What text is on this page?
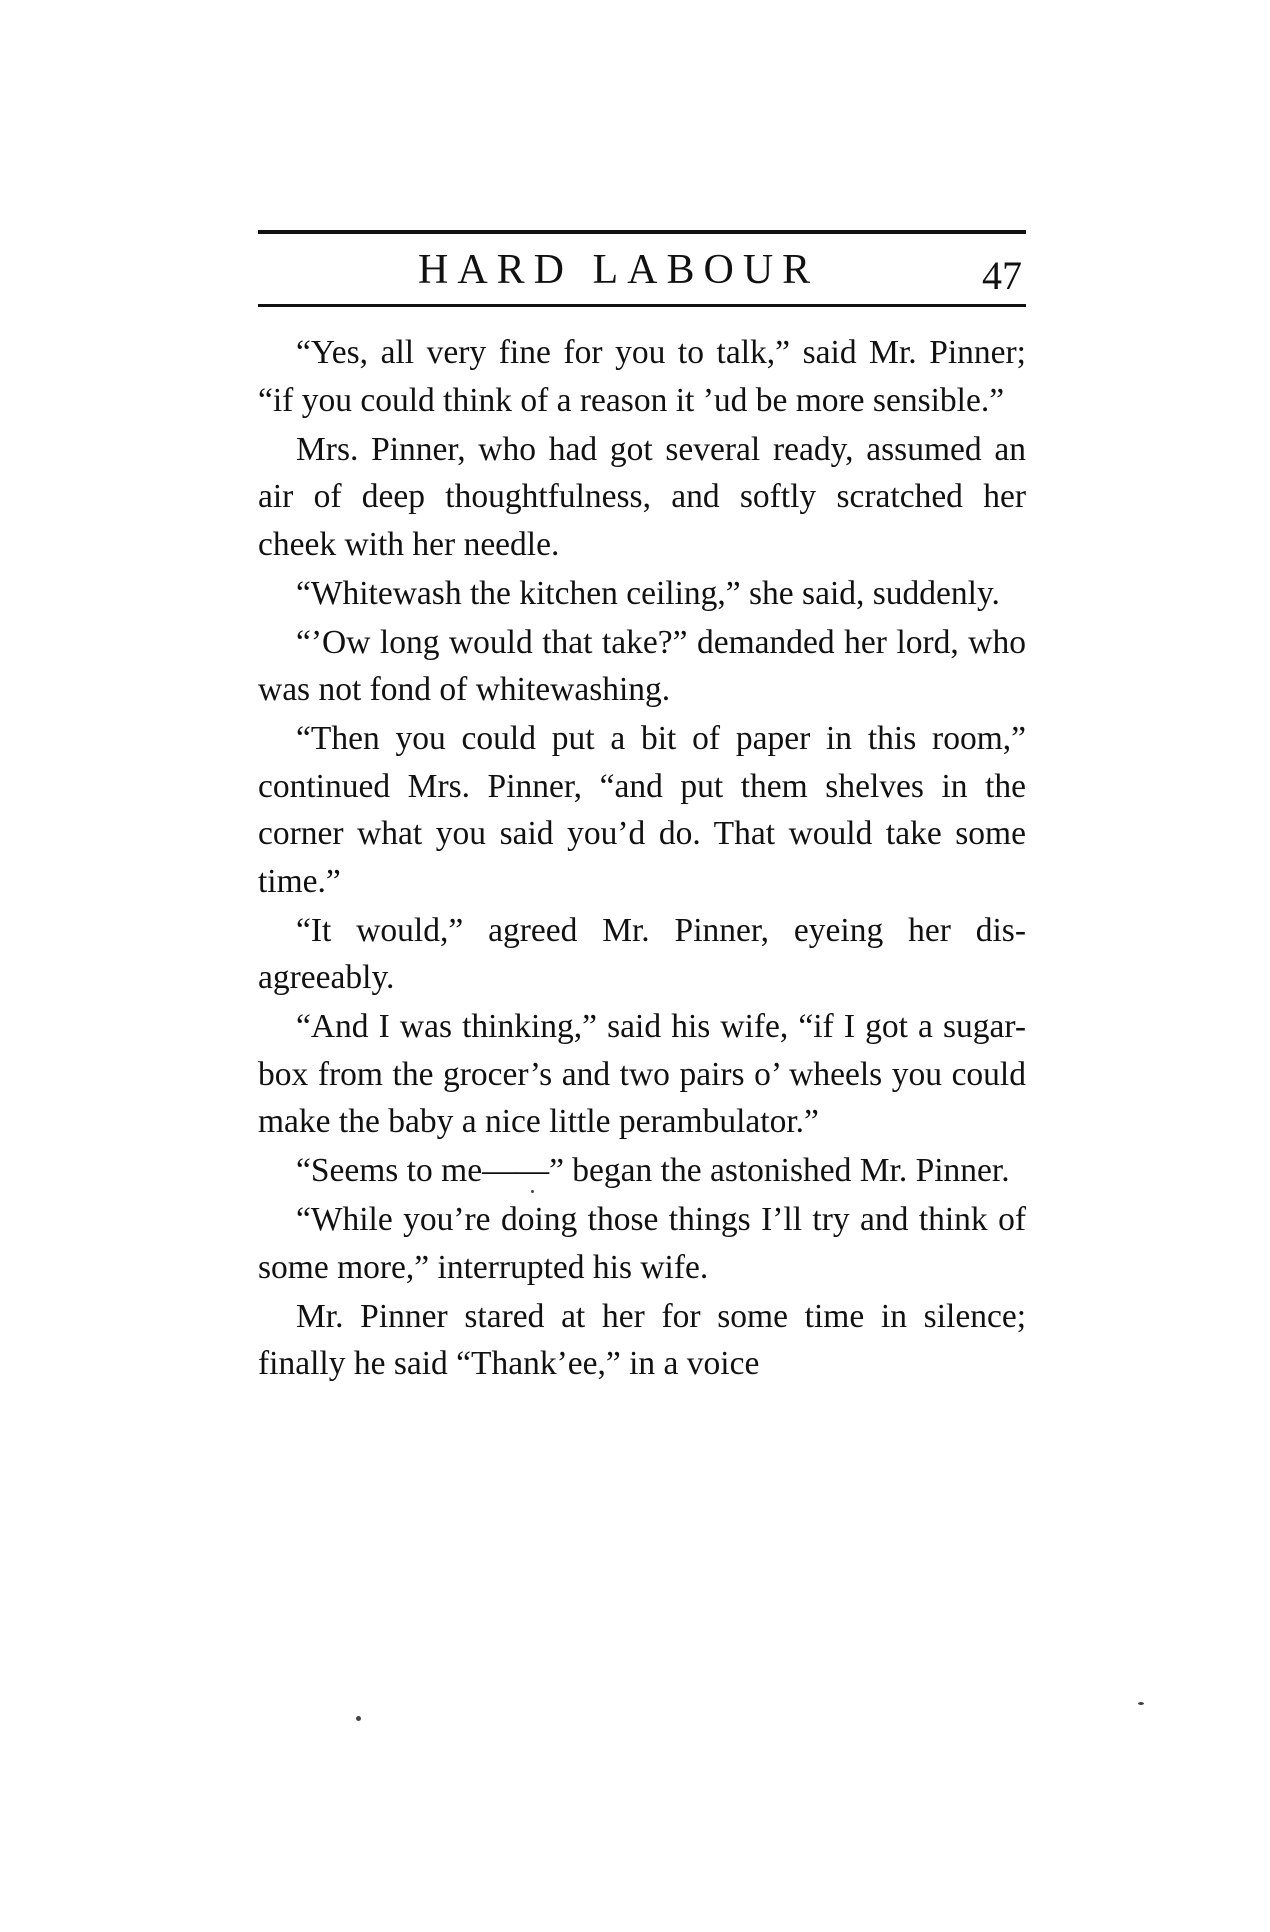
HARD LABOUR	47

“Yes, all very fine for you to talk,” said Mr. Pinner; “if you could think of a reason it ’ud be more sensible.”

Mrs. Pinner, who had got several ready, assumed an air of deep thoughtfulness, and softly scratched her cheek with her needle.

“Whitewash the kitchen ceiling,” she said, suddenly.

“’Ow long would that take?” demanded her lord, who was not fond of whitewashing.

“Then you could put a bit of paper in this room,” continued Mrs. Pinner, “and put them shelves in the corner what you said you’d do. That would take some time.”

“It would,” agreed Mr. Pinner, eyeing her disagreeably.

“And I was thinking,” said his wife, “if I got a sugar-box from the grocer’s and two pairs o’ wheels you could make the baby a nice little perambulator.”

“Seems to me——” began the astonished Mr. Pinner.

“While you’re doing those things I’ll try and think of some more,” interrupted his wife.

Mr. Pinner stared at her for some time in silence; finally he said “Thank’ee,” in a voice
